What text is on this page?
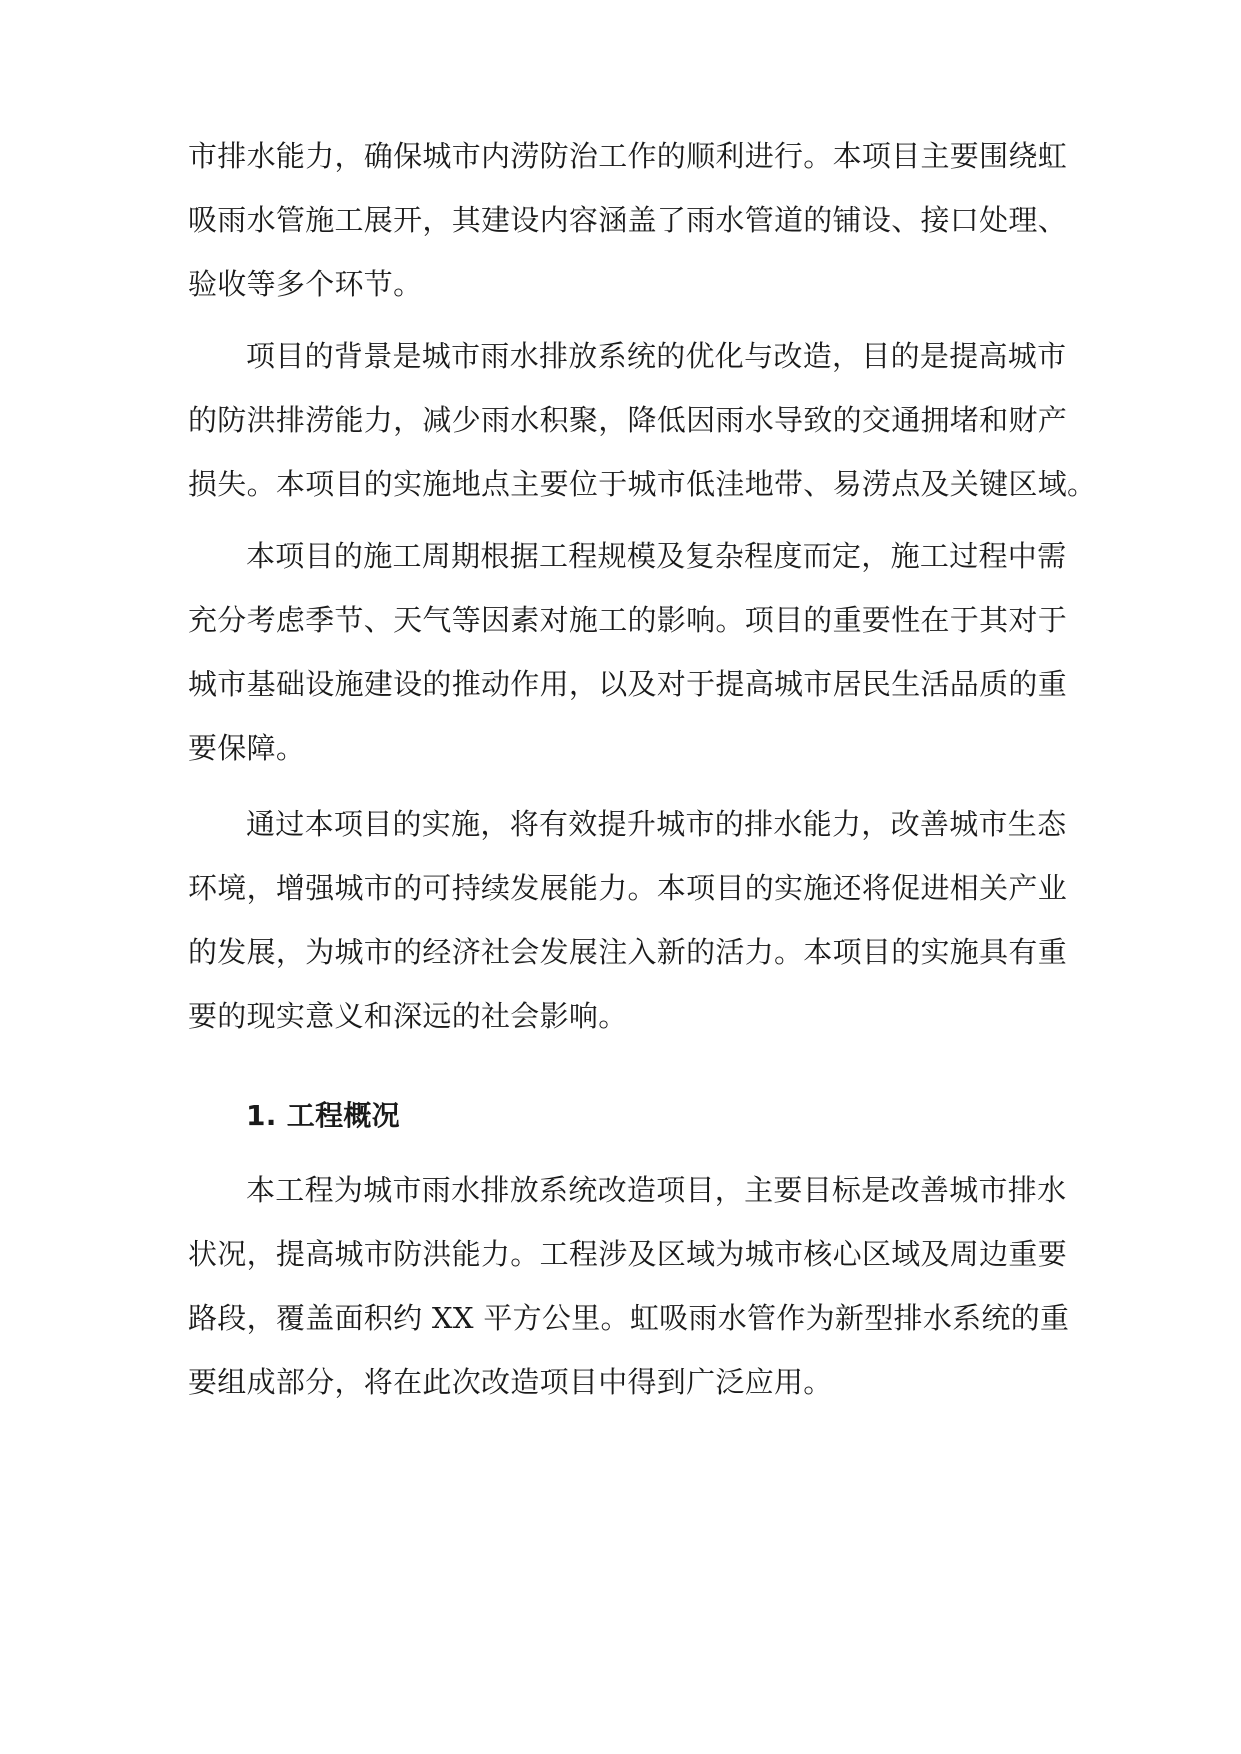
市排水能力，确保城市内涝防治工作的顺利进行。本项目主要围绕虹

吸雨水管施工展开，其建设内容涵盖了雨水管道的铺设、接口处理、

验收等多个环节。

项目的背景是城市雨水排放系统的优化与改造，目的是提高城市

的防洪排涝能力，减少雨水积聚，降低因雨水导致的交通拥堵和财产

损失。本项目的实施地点主要位于城市低洼地带、易涝点及关键区域。

本项目的施工周期根据工程规模及复杂程度而定，施工过程中需

充分考虑季节、天气等因素对施工的影响。项目的重要性在于其对于

城市基础设施建设的推动作用，以及对于提高城市居民生活品质的重

要保障。

通过本项目的实施，将有效提升城市的排水能力，改善城市生态

环境，增强城市的可持续发展能力。本项目的实施还将促进相关产业

的发展，为城市的经济社会发展注入新的活力。本项目的实施具有重

要的现实意义和深远的社会影响。

1. 工程概况

本工程为城市雨水排放系统改造项目，主要目标是改善城市排水

状况，提高城市防洪能力。工程涉及区域为城市核心区域及周边重要

路段，覆盖面积约 XX 平方公里。虹吸雨水管作为新型排水系统的重

要组成部分，将在此次改造项目中得到广泛应用。
